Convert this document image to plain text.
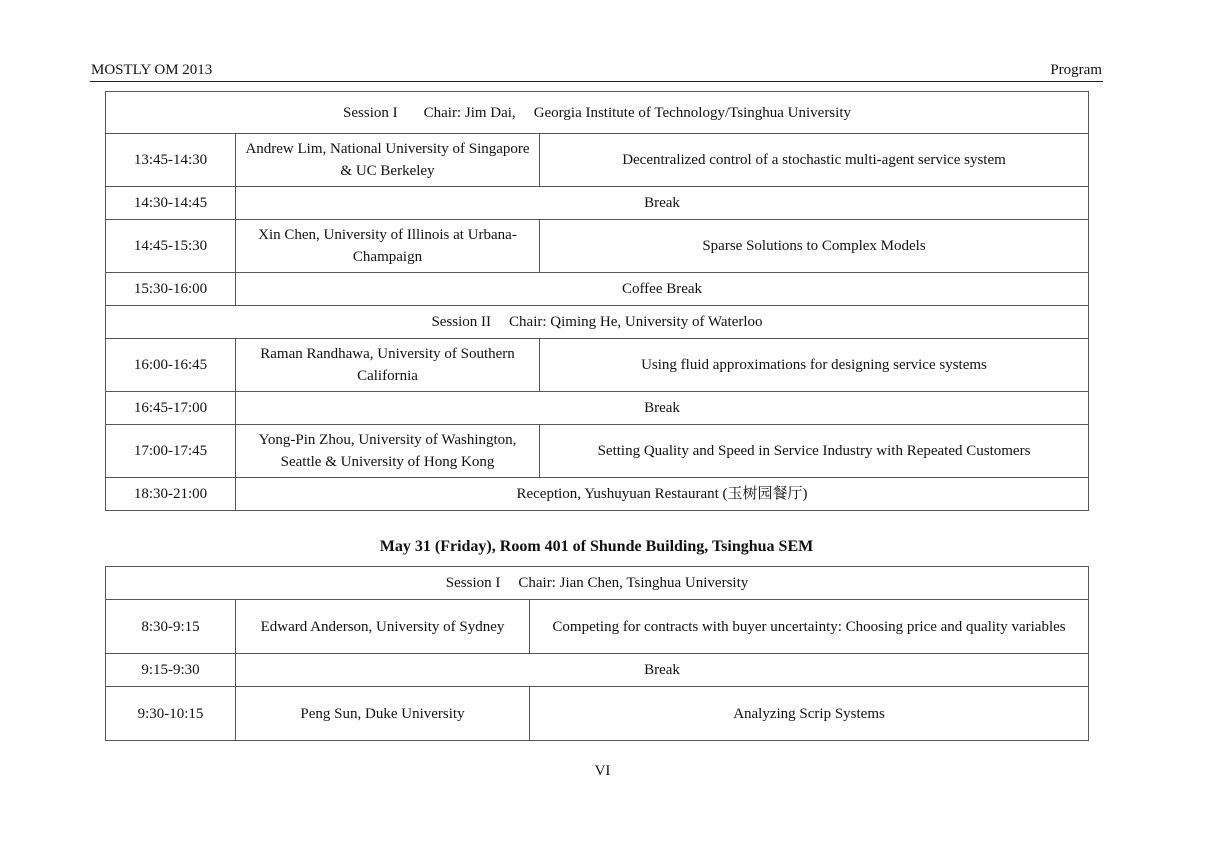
MOSTLY OM 2013	Program
Session I Chair: Jim Dai, Georgia Institute of Technology/Tsinghua University		
13:45-14:30	Andrew Lim, National University of Singapore & UC Berkeley	Decentralized control of a stochastic multi-agent service system
14:30-14:45	Break	
14:45-15:30	Xin Chen, University of Illinois at Urbana-Champaign	Sparse Solutions to Complex Models
15:30-16:00	Coffee Break	
Session II Chair: Qiming He, University of Waterloo		
16:00-16:45	Raman Randhawa, University of Southern California	Using fluid approximations for designing service systems
16:45-17:00	Break	
17:00-17:45	Yong-Pin Zhou, University of Washington, Seattle & University of Hong Kong	Setting Quality and Speed in Service Industry with Repeated Customers
18:30-21:00	Reception, Yushuyuan Restaurant (玉树园餐厅)	
May 31 (Friday), Room 401 of Shunde Building, Tsinghua SEM
Session I Chair: Jian Chen, Tsinghua University		
8:30-9:15	Edward Anderson, University of Sydney	Competing for contracts with buyer uncertainty: Choosing price and quality variables
9:15-9:30	Break	
9:30-10:15	Peng Sun, Duke University	Analyzing Scrip Systems
VI
